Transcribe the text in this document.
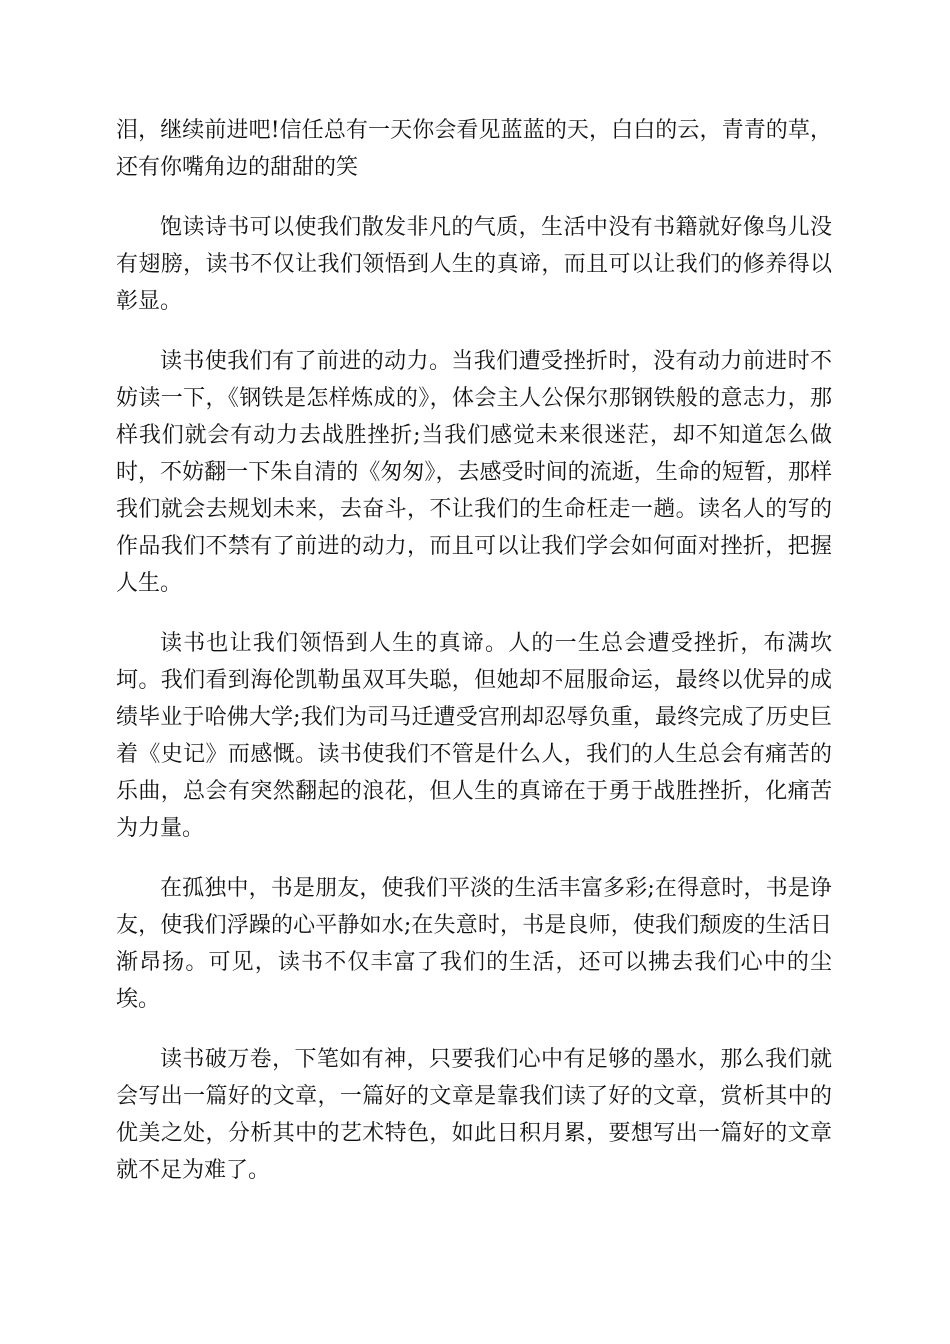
泪，继续前进吧!信任总有一天你会看见蓝蓝的天，白白的云，青青的草，还有你嘴角边的甜甜的笑

饱读诗书可以使我们散发非凡的气质，生活中没有书籍就好像鸟儿没有翅膀，读书不仅让我们领悟到人生的真谛，而且可以让我们的修养得以彰显。

读书使我们有了前进的动力。当我们遭受挫折时，没有动力前进时不妨读一下，《钢铁是怎样炼成的》，体会主人公保尔那钢铁般的意志力，那样我们就会有动力去战胜挫折;当我们感觉未来很迷茫，却不知道怎么做时，不妨翻一下朱自清的《匆匆》，去感受时间的流逝，生命的短暂，那样我们就会去规划未来，去奋斗，不让我们的生命枉走一趟。读名人的写的作品我们不禁有了前进的动力，而且可以让我们学会如何面对挫折，把握人生。

读书也让我们领悟到人生的真谛。人的一生总会遭受挫折，布满坎坷。我们看到海伦凯勒虽双耳失聪，但她却不屈服命运，最终以优异的成绩毕业于哈佛大学;我们为司马迁遭受宫刑却忍辱负重，最终完成了历史巨着《史记》而感慨。读书使我们不管是什么人，我们的人生总会有痛苦的乐曲，总会有突然翻起的浪花，但人生的真谛在于勇于战胜挫折，化痛苦为力量。

在孤独中，书是朋友，使我们平淡的生活丰富多彩;在得意时，书是诤友，使我们浮躁的心平静如水;在失意时，书是良师，使我们颓废的生活日渐昂扬。可见，读书不仅丰富了我们的生活，还可以拂去我们心中的尘埃。

读书破万卷，下笔如有神，只要我们心中有足够的墨水，那么我们就会写出一篇好的文章，一篇好的文章是靠我们读了好的文章，赏析其中的优美之处，分析其中的艺术特色，如此日积月累，要想写出一篇好的文章就不足为难了。
